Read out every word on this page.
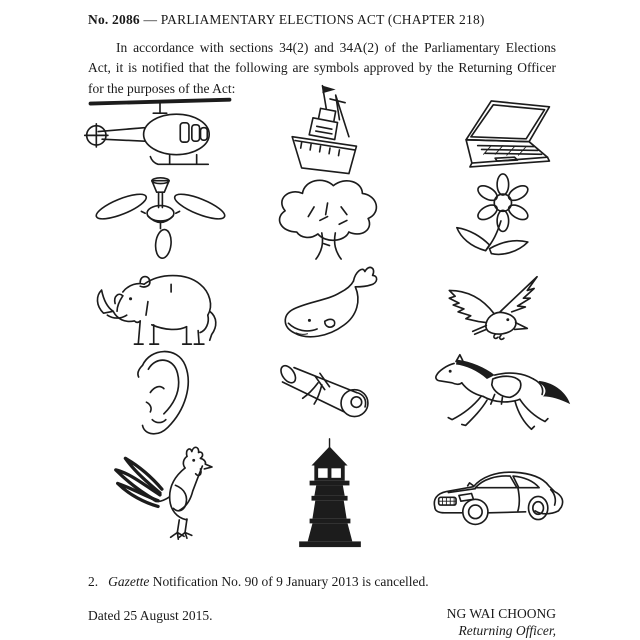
No. 2086 — PARLIAMENTARY ELECTIONS ACT (CHAPTER 218)

In accordance with sections 34(2) and 34A(2) of the Parliamentary Elections Act, it is notified that the following are symbols approved by the Returning Officer for the purposes of the Act:

2. Gazette Notification No. 90 of 9 January 2013 is cancelled.

Dated 25 August 2015.	NG WAI CHOONG
Returning Officer,
